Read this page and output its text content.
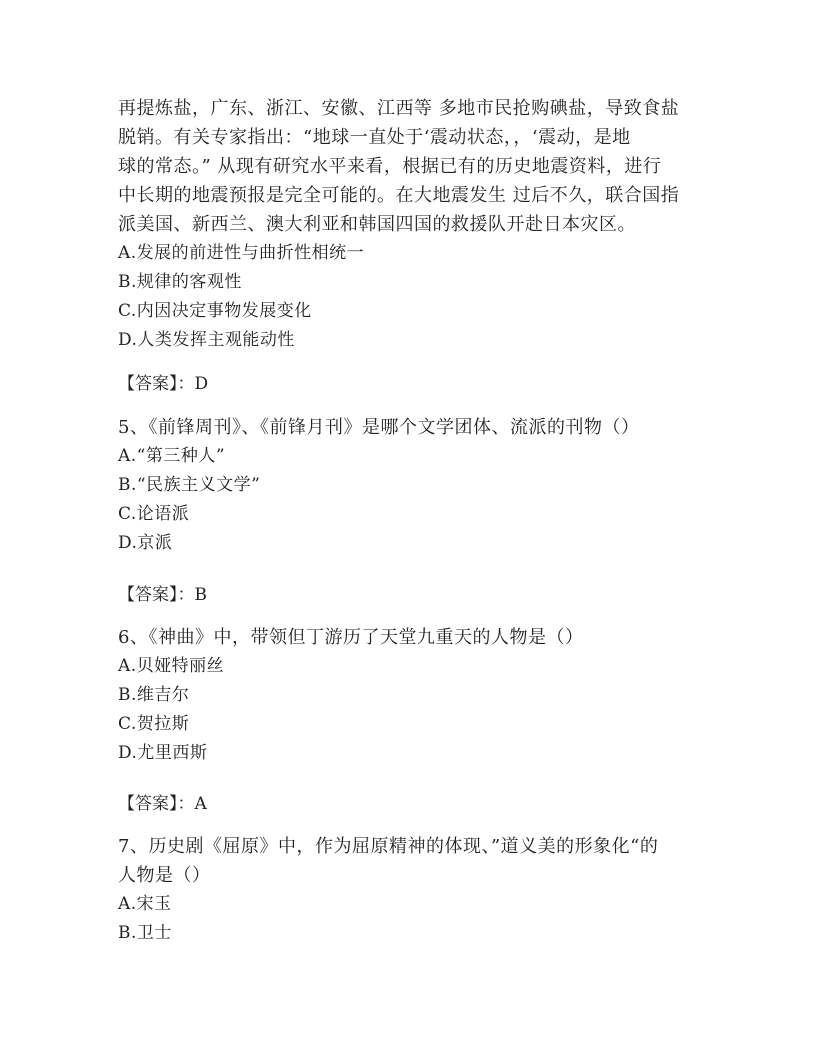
再提炼盐，广东、浙江、安徽、江西等 多地市民抢购碘盐，导致食盐
脱销。有关专家指出：“地球一直处于‘震动状态，，‘震动，是地
球的常态。” 从现有研究水平来看，根据已有的历史地震资料，进行
中长期的地震预报是完全可能的。在大地震发生 过后不久，联合国指
派美国、新西兰、澳大利亚和韩国四国的救援队开赴日本灾区。
A.发展的前进性与曲折性相统一
B.规律的客观性
C.内因决定事物发展变化
D.人类发挥主观能动性
【答案】：D
5、《前锋周刊》、《前锋月刊》是哪个文学团体、流派的刊物（）
A.“第三种人”
B.“民族主义文学”
C.论语派
D.京派
【答案】：B
6、《神曲》中，带领但丁游历了天堂九重天的人物是（）
A.贝娅特丽丝
B.维吉尔
C.贺拉斯
D.尤里西斯
【答案】：A
7、历史剧《屈原》中，作为屈原精神的体现、”道义美的形象化“的
人物是（）
A.宋玉
B.卫士
